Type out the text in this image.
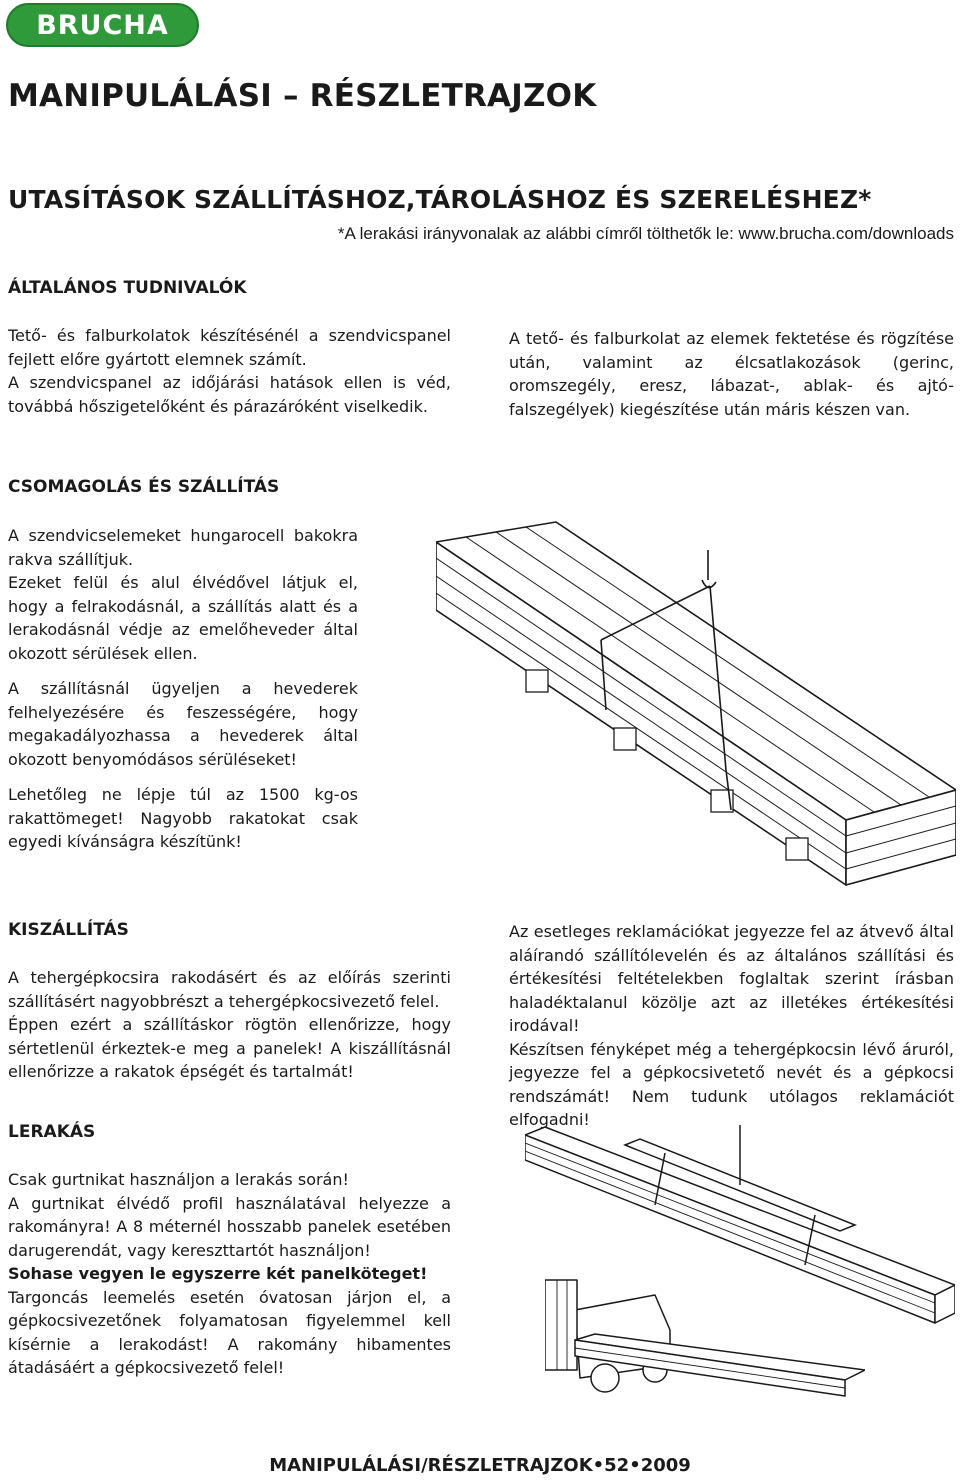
BRUCHA
MANIPULÁLÁSI – RÉSZLETRAJZOK
UTASÍTÁSOK SZÁLLÍTÁSHOZ,TÁROLÁSHOZ ÉS SZERELÉSHEZ*
*A lerakási irányvonalak az alábbi címről tölthetők le: www.brucha.com/downloads
ÁLTALÁNOS TUDNIVALÓK

Tető- és falburkolatok készítésénél a szendvicspanel fejlett előre gyártott elemnek számít.

A szendvicspanel az időjárási hatások ellen is véd, továbbá hőszigetelőként és párazáróként viselkedik.

A tető- és falburkolat az elemek fektetése és rögzítése után, valamint az élcsatlakozások (gerinc, oromszegély, eresz, lábazat-, ablak- és ajtó-falszegélyek) kiegészítése után máris készen van.

CSOMAGOLÁS ÉS SZÁLLÍTÁS

A szendvicselemeket hungarocell bakokra rakva szállítjuk.

Ezeket felül és alul élvédővel látjuk el, hogy a felrakodásnál, a szállítás alatt és a lerakodásnál védje az emelőheveder által okozott sérülések ellen.

A szállításnál ügyeljen a hevederek felhelyezésére és feszességére, hogy megakadályozhassa a hevederek által okozott benyomódásos sérüléseket!

Lehetőleg ne lépje túl az 1500 kg-os rakattömeget! Nagyobb rakatokat csak egyedi kívánságra készítünk!

KISZÁLLÍTÁS

A tehergépkocsira rakodásért és az előírás szerinti szállításért nagyobbrészt a tehergépkocsivezető felel.

Éppen ezért a szállításkor rögtön ellenőrizze, hogy sértetlenül érkeztek-e meg a panelek! A kiszállításnál ellenőrizze a rakatok épségét és tartalmát!

Az esetleges reklamációkat jegyezze fel az átvevő által aláírandó szállítólevelén és az általános szállítási és értékesítési feltételekben foglaltak szerint írásban haladéktalanul közölje azt az illetékes értékesítési irodával!

Készítsen fényképet még a tehergépkocsin lévő áruról, jegyezze fel a gépkocsivetető nevét és a gépkocsi rendszámát! Nem tudunk utólagos reklamációt elfogadni!

LERAKÁS

Csak gurtnikat használjon a lerakás során!

A gurtnikat élvédő profil használatával helyezze a rakományra! A 8 méternél hosszabb panelek esetében darugerendát, vagy kereszttartót használjon!

Sohase vegyen le egyszerre két panelköteget!

Targoncás leemelés esetén óvatosan járjon el, a gépkocsivezetőnek folyamatosan figyelemmel kell kísérnie a lerakodást! A rakomány hibamentes átadásáért a gépkocsivezető felel!

MANIPULÁLÁSI/RÉSZLETRAJZOK•52•2009
